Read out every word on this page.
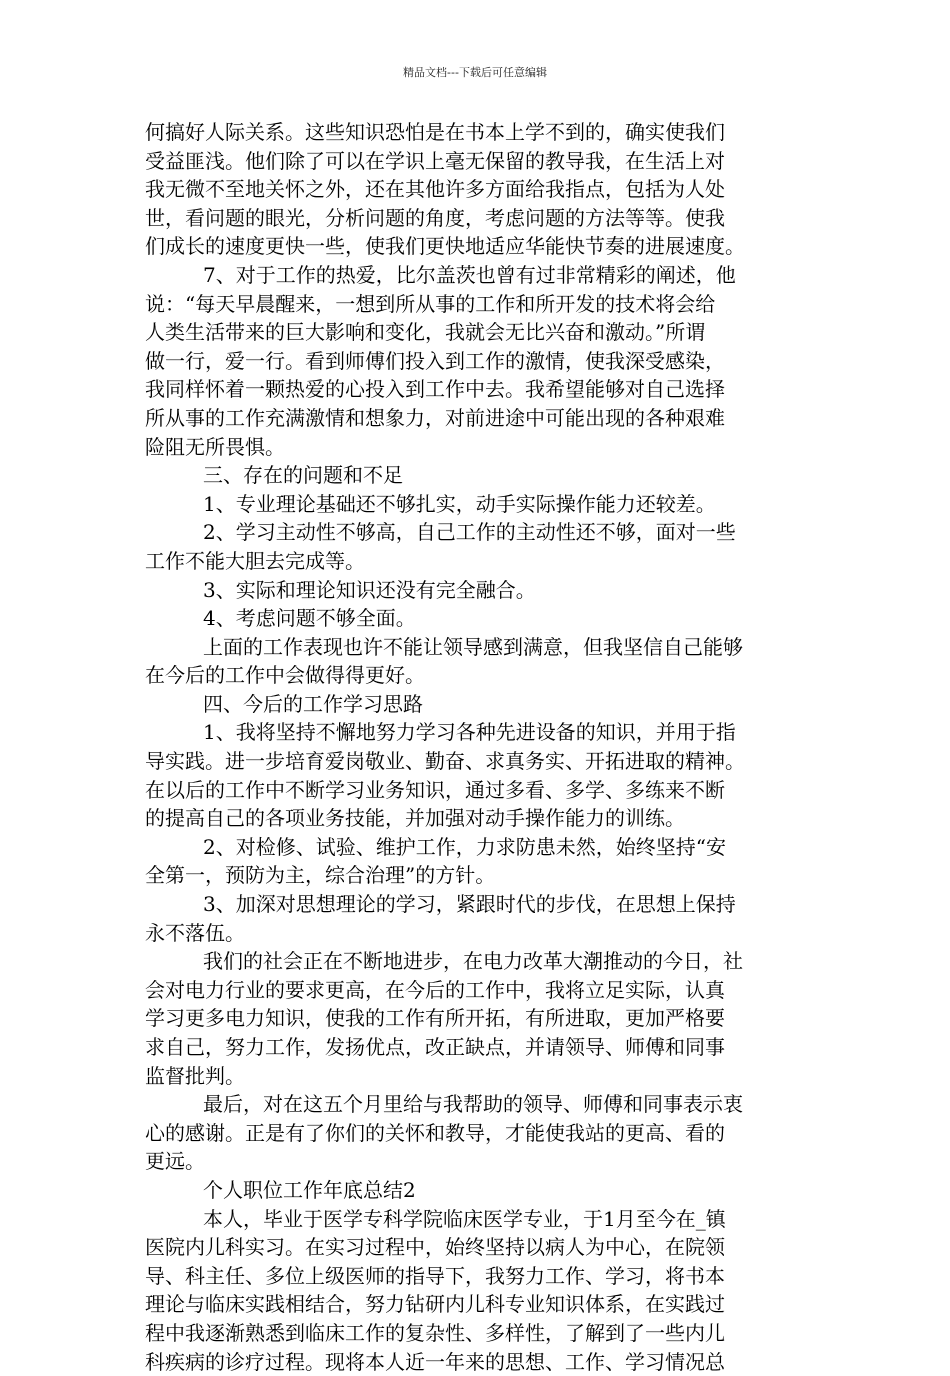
精品文档---下载后可任意编辑
何搞好人际关系。这些知识恐怕是在书本上学不到的，确实使我们
受益匪浅。他们除了可以在学识上毫无保留的教导我，在生活上对
我无微不至地关怀之外，还在其他许多方面给我指点，包括为人处
世，看问题的眼光，分析问题的角度，考虑问题的方法等等。使我
们成长的速度更快一些，使我们更快地适应华能快节奏的进展速度。
7、对于工作的热爱，比尔盖茨也曾有过非常精彩的阐述，他
说：“每天早晨醒来，一想到所从事的工作和所开发的技术将会给
人类生活带来的巨大影响和变化，我就会无比兴奋和激动。”所谓
做一行，爱一行。看到师傅们投入到工作的激情，使我深受感染，
我同样怀着一颗热爱的心投入到工作中去。我希望能够对自己选择
所从事的工作充满激情和想象力，对前进途中可能出现的各种艰难
险阻无所畏惧。
三、存在的问题和不足
1、专业理论基础还不够扎实，动手实际操作能力还较差。
2、学习主动性不够高，自己工作的主动性还不够，面对一些
工作不能大胆去完成等。
3、实际和理论知识还没有完全融合。
4、考虑问题不够全面。
上面的工作表现也许不能让领导感到满意，但我坚信自己能够
在今后的工作中会做得得更好。
四、今后的工作学习思路
1、我将坚持不懈地努力学习各种先进设备的知识，并用于指
导实践。进一步培育爱岗敬业、勤奋、求真务实、开拓进取的精神。
在以后的工作中不断学习业务知识，通过多看、多学、多练来不断
的提高自己的各项业务技能，并加强对动手操作能力的训练。
2、对检修、试验、维护工作，力求防患未然，始终坚持“安
全第一，预防为主，综合治理”的方针。
3、加深对思想理论的学习，紧跟时代的步伐，在思想上保持
永不落伍。
我们的社会正在不断地进步，在电力改革大潮推动的今日，社
会对电力行业的要求更高，在今后的工作中，我将立足实际，认真
学习更多电力知识，使我的工作有所开拓，有所进取，更加严格要
求自己，努力工作，发扬优点，改正缺点，并请领导、师傅和同事
监督批判。
最后，对在这五个月里给与我帮助的领导、师傅和同事表示衷
心的感谢。正是有了你们的关怀和教导，才能使我站的更高、看的
更远。
个人职位工作年底总结2
本人，毕业于医学专科学院临床医学专业，于1月至今在_镇
医院内儿科实习。在实习过程中，始终坚持以病人为中心，在院领
导、科主任、多位上级医师的指导下，我努力工作、学习，将书本
理论与临床实践相结合，努力钻研内儿科专业知识体系，在实践过
程中我逐渐熟悉到临床工作的复杂性、多样性，了解到了一些内儿
科疾病的诊疗过程。现将本人近一年来的思想、工作、学习情况总
